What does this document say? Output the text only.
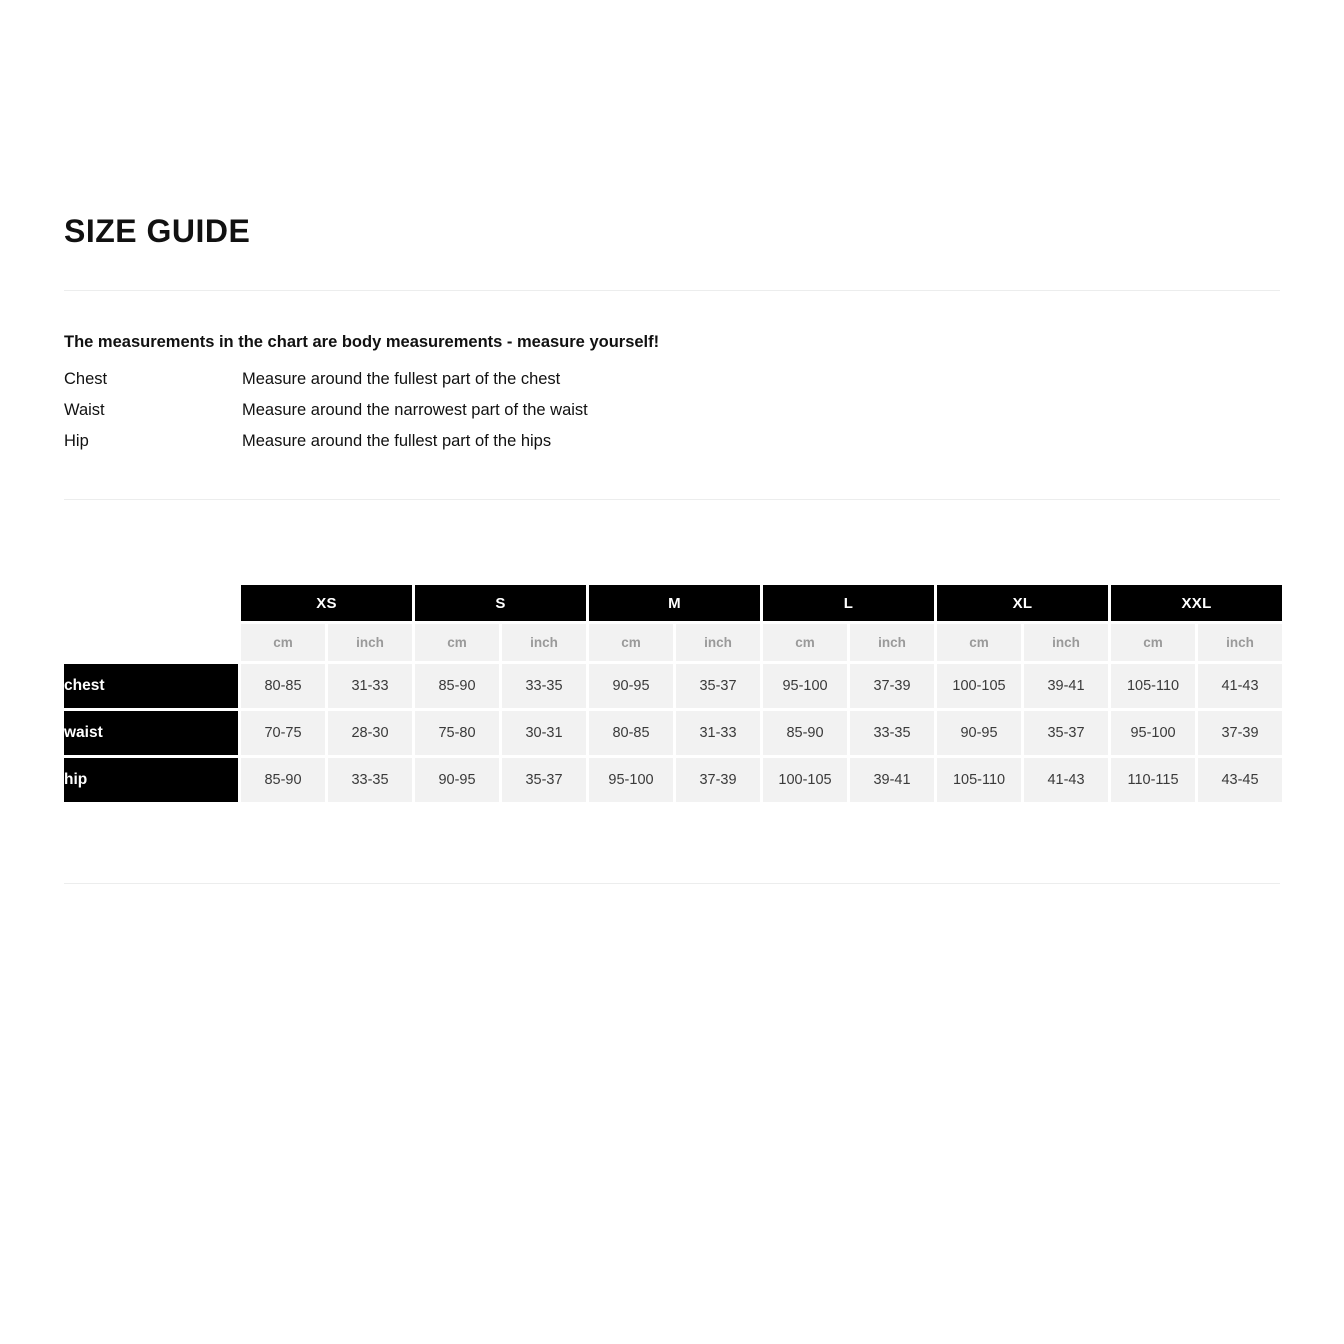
SIZE GUIDE
The measurements in the chart are body measurements - measure yourself!
Chest	Measure around the fullest part of the chest
Waist	Measure around the narrowest part of the waist
Hip	Measure around the fullest part of the hips
	XS		S		M		L		XL		XXL	
	cm	inch	cm	inch	cm	inch	cm	inch	cm	inch	cm	inch
chest	80-85	31-33	85-90	33-35	90-95	35-37	95-100	37-39	100-105	39-41	105-110	41-43
waist	70-75	28-30	75-80	30-31	80-85	31-33	85-90	33-35	90-95	35-37	95-100	37-39
hip	85-90	33-35	90-95	35-37	95-100	37-39	100-105	39-41	105-110	41-43	110-115	43-45
